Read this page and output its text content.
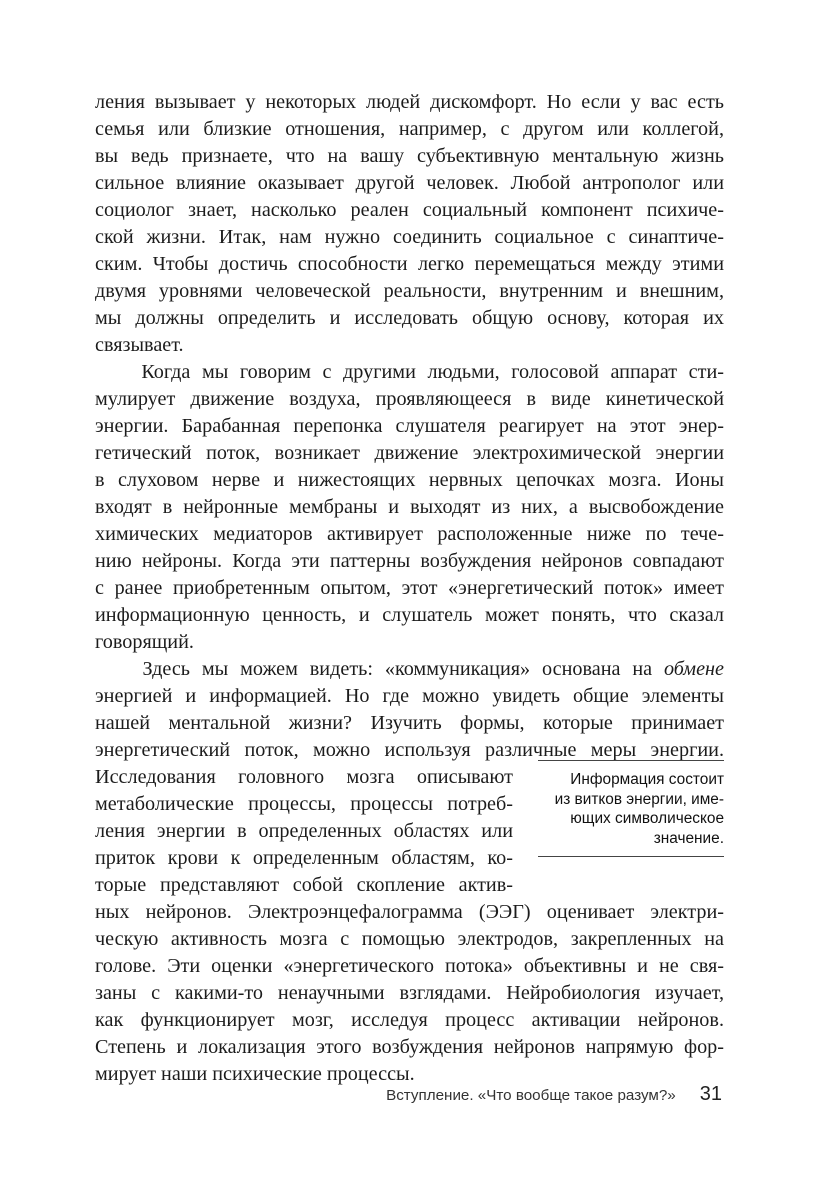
ления вызывает у некоторых людей дискомфорт. Но если у вас есть
семья или близкие отношения, например, с другом или коллегой,
вы ведь признаете, что на вашу субъективную ментальную жизнь
сильное влияние оказывает другой человек. Любой антрополог или
социолог знает, насколько реален социальный компонент психиче-
ской жизни. Итак, нам нужно соединить социальное с синаптиче-
ским. Чтобы достичь способности легко перемещаться между этими
двумя уровнями человеческой реальности, внутренним и внешним,
мы должны определить и исследовать общую основу, которая их
связывает.
Когда мы говорим с другими людьми, голосовой аппарат сти-
мулирует движение воздуха, проявляющееся в виде кинетической
энергии. Барабанная перепонка слушателя реагирует на этот энер-
гетический поток, возникает движение электрохимической энергии
в слуховом нерве и нижестоящих нервных цепочках мозга. Ионы
входят в нейронные мембраны и выходят из них, а высвобождение
химических медиаторов активирует расположенные ниже по тече-
нию нейроны. Когда эти паттерны возбуждения нейронов совпадают
с ранее приобретенным опытом, этот «энергетический поток» имеет
информационную ценность, и слушатель может понять, что сказал
говорящий.
Здесь мы можем видеть: «коммуникация» основана на обмене
энергией и информацией. Но где можно увидеть общие элементы
нашей ментальной жизни? Изучить формы, которые принимает
энергетический поток, можно используя различные меры энергии.
Исследования головного мозга описывают
метаболические процессы, процессы потреб-
ления энергии в определенных областях или
приток крови к определенным областям, ко-
торые представляют собой скопление актив-
ных нейронов. Электроэнцефалограмма (ЭЭГ) оценивает электри-
ческую активность мозга с помощью электродов, закрепленных на
голове. Эти оценки «энергетического потока» объективны и не свя-
заны с какими-то ненаучными взглядами. Нейробиология изучает,
как функционирует мозг, исследуя процесс активации нейронов.
Степень и локализация этого возбуждения нейронов напрямую фор-
мирует наши психические процессы.
Информация состоит
из витков энергии, име-
ющих символическое
значение.
Вступление. «Что вообще такое разум?» 31
